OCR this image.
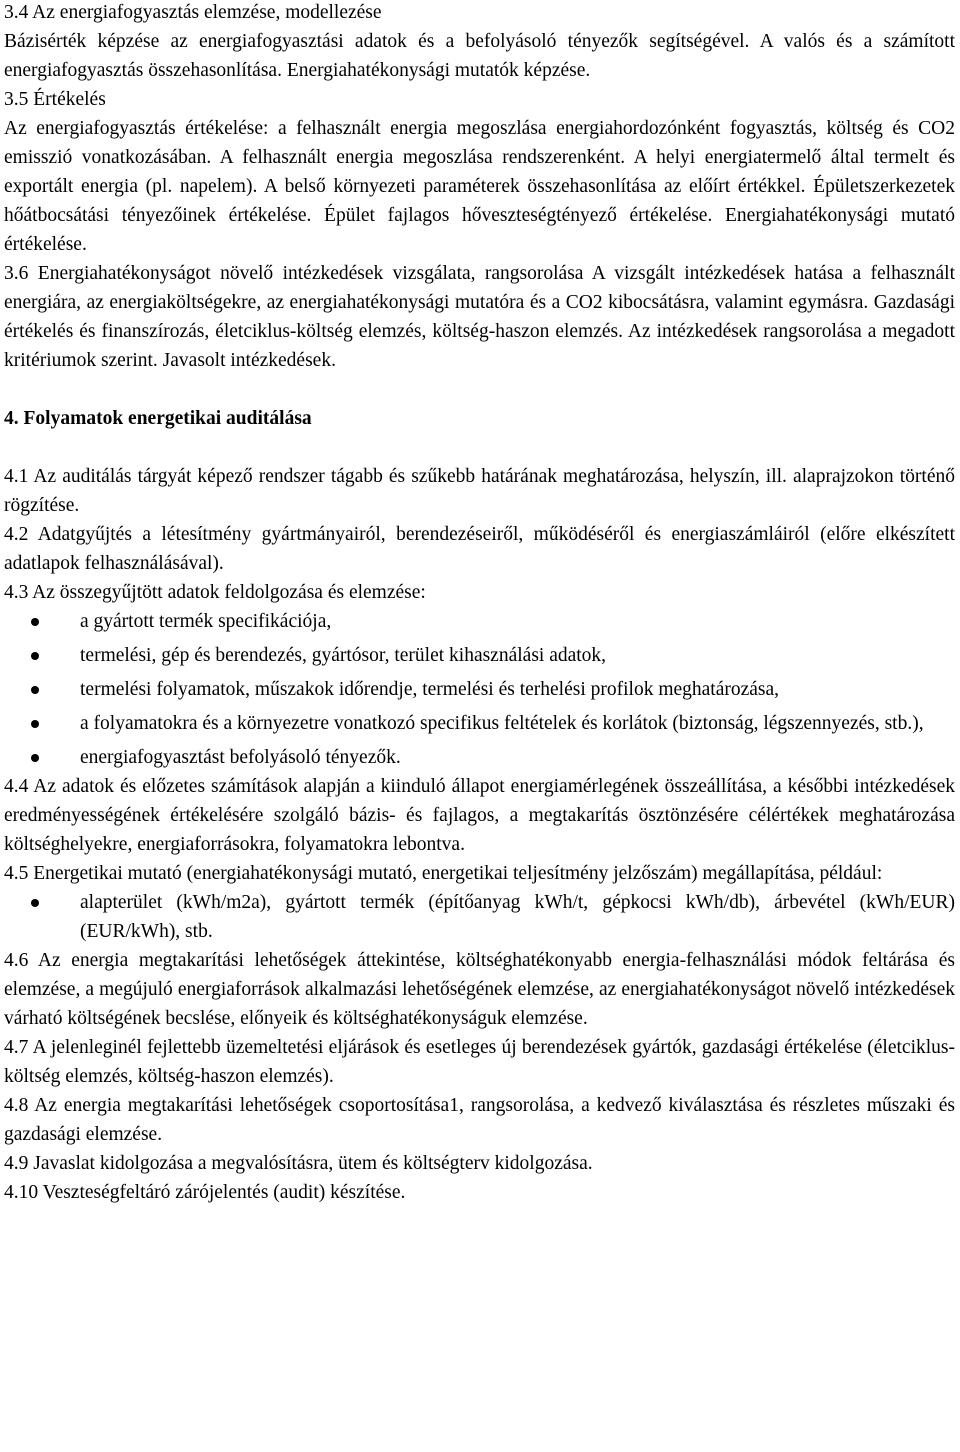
3.4 Az energiafogyasztás elemzése, modellezése

Bázisérték képzése az energiafogyasztási adatok és a befolyásoló tényezők segítségével. A valós és a számított energiafogyasztás összehasonlítása. Energiahatékonysági mutatók képzése.

3.5 Értékelés

Az energiafogyasztás értékelése: a felhasznált energia megoszlása energiahordozónként fogyasztás, költség és CO2 emisszió vonatkozásában. A felhasznált energia megoszlása rendszerenként. A helyi energiatermelő által termelt és exportált energia (pl. napelem). A belső környezeti paraméterek összehasonlítása az előírt értékkel. Épületszerkezetek hőátbocsátási tényezőinek értékelése. Épület fajlagos hőveszteségtényező értékelése. Energiahatékonysági mutató értékelése.

3.6 Energiahatékonyságot növelő intézkedések vizsgálata, rangsorolása A vizsgált intézkedések hatása a felhasznált energiára, az energiaköltségekre, az energiahatékonysági mutatóra és a CO2 kibocsátásra, valamint egymásra. Gazdasági értékelés és finanszírozás, életciklus-költség elemzés, költség-haszon elemzés. Az intézkedések rangsorolása a megadott kritériumok szerint. Javasolt intézkedések.

4. Folyamatok energetikai auditálása

4.1 Az auditálás tárgyát képező rendszer tágabb és szűkebb határának meghatározása, helyszín, ill. alaprajzokon történő rögzítése.

4.2 Adatgyűjtés a létesítmény gyártmányairól, berendezéseiről, működéséről és energiaszámláiról (előre elkészített adatlapok felhasználásával).

4.3 Az összegyűjtött adatok feldolgozása és elemzése:

a gyártott termék specifikációja,
termelési, gép és berendezés, gyártósor, terület kihasználási adatok,
termelési folyamatok, műszakok időrendje, termelési és terhelési profilok meghatározása,
a folyamatokra és a környezetre vonatkozó specifikus feltételek és korlátok (biztonság, légszennyezés, stb.),
energiafogyasztást befolyásoló tényezők.

4.4 Az adatok és előzetes számítások alapján a kiinduló állapot energiamérlegének összeállítása, a későbbi intézkedések eredményességének értékelésére szolgáló bázis- és fajlagos, a megtakarítás ösztönzésére célértékek meghatározása költséghelyekre, energiaforrásokra, folyamatokra lebontva.

4.5 Energetikai mutató (energiahatékonysági mutató, energetikai teljesítmény jelzőszám) megállapítása, például:

alapterület (kWh/m2a), gyártott termék (építőanyag kWh/t, gépkocsi kWh/db), árbevétel (kWh/EUR) (EUR/kWh), stb.

4.6 Az energia megtakarítási lehetőségek áttekintése, költséghatékonyabb energia-felhasználási módok feltárása és elemzése, a megújuló energiaforrások alkalmazási lehetőségének elemzése, az energiahatékonyságot növelő intézkedések várható költségének becslése, előnyeik és költséghatékonyságuk elemzése.

4.7 A jelenleginél fejlettebb üzemeltetési eljárások és esetleges új berendezések gyártók, gazdasági értékelése (életciklus-költség elemzés, költség-haszon elemzés).

4.8 Az energia megtakarítási lehetőségek csoportosítása1, rangsorolása, a kedvező kiválasztása és részletes műszaki és gazdasági elemzése.

4.9 Javaslat kidolgozása a megvalósításra, ütem és költségterv kidolgozása.

4.10 Veszteségfeltáró zárójelentés (audit) készítése.
